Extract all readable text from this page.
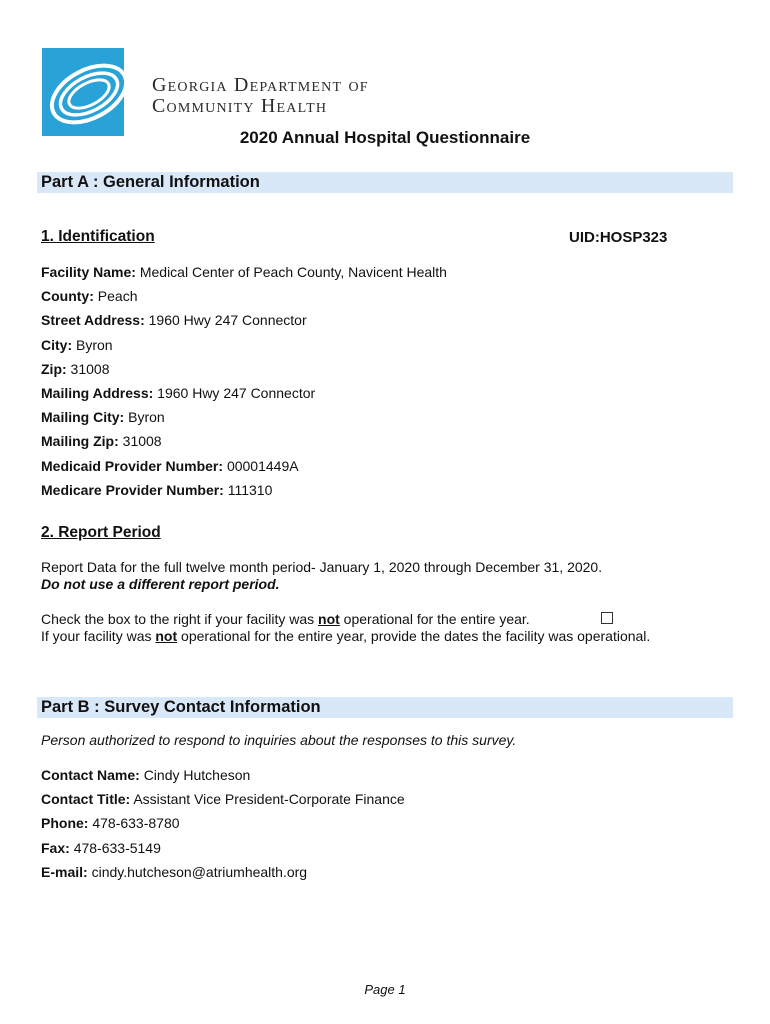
Georgia Department of
Community Health
2020 Annual Hospital Questionnaire
Part A : General Information
1. Identification	UID:HOSP323
Facility Name: Medical Center of Peach County, Navicent Health
County: Peach
Street Address: 1960 Hwy 247 Connector
City: Byron
Zip: 31008
Mailing Address: 1960 Hwy 247 Connector
Mailing City: Byron
Mailing Zip: 31008
Medicaid Provider Number: 00001449A
Medicare Provider Number: 111310
2. Report Period
Report Data for the full twelve month period- January 1, 2020 through December 31, 2020.
Do not use a different report period.
Check the box to the right if your facility was not operational for the entire year.
If your facility was not operational for the entire year, provide the dates the facility was operational.
Part B : Survey Contact Information
Person authorized to respond to inquiries about the responses to this survey.
Contact Name: Cindy Hutcheson
Contact Title: Assistant Vice President-Corporate Finance
Phone: 478-633-8780
Fax: 478-633-5149
E-mail: cindy.hutcheson@atriumhealth.org
Page 1
